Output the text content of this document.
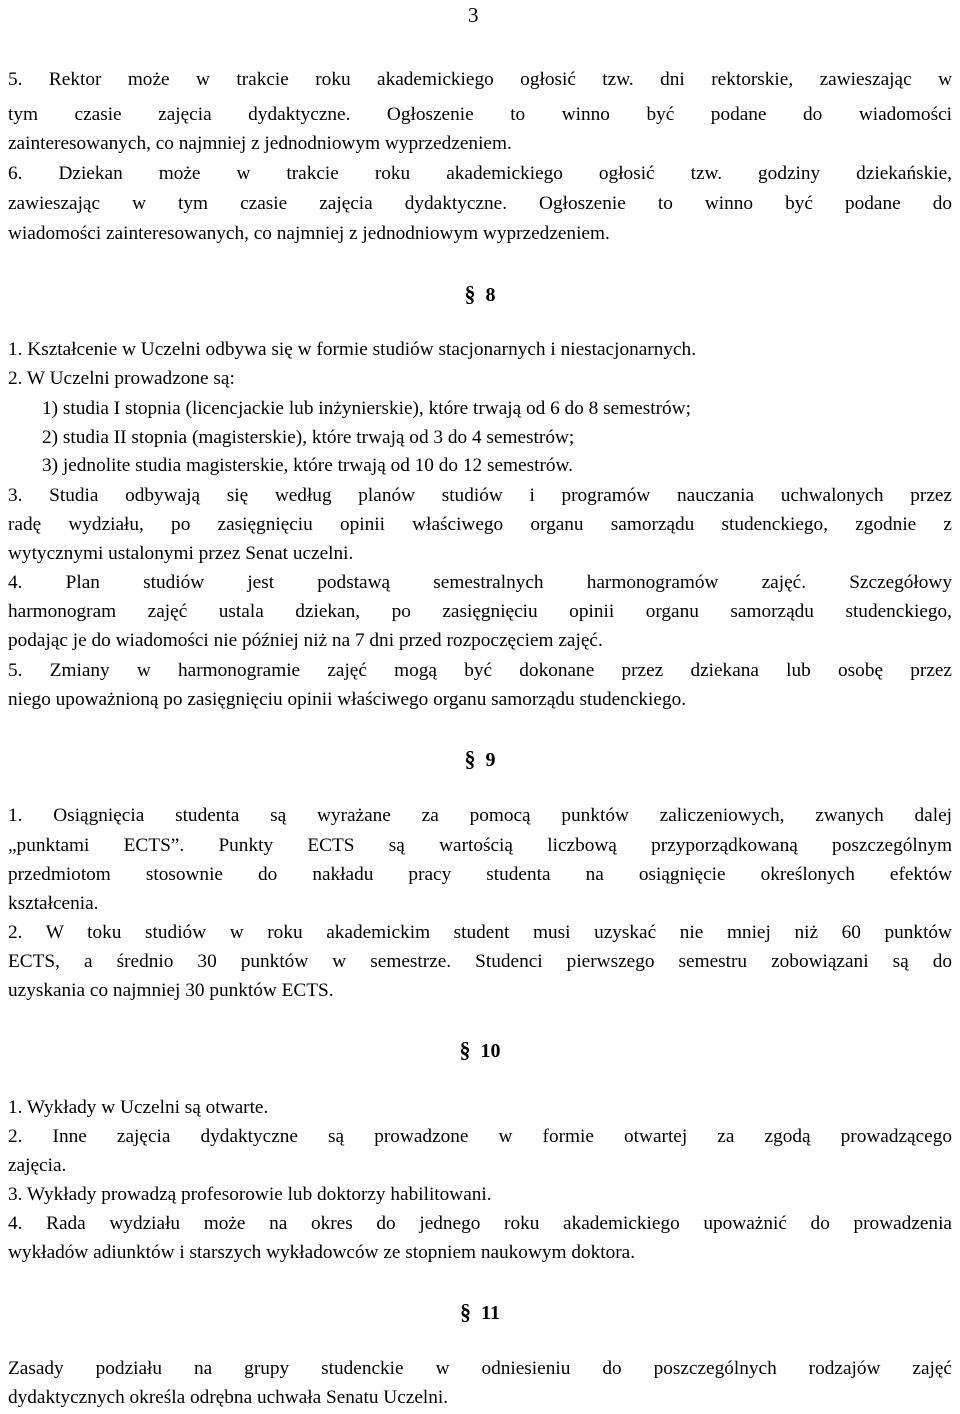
3
5. Rektor może w trakcie roku akademickiego ogłosić tzw. dni rektorskie, zawieszając w
tym czasie zajęcia dydaktyczne. Ogłoszenie to winno być podane do wiadomości
zainteresowanych, co najmniej z jednodniowym wyprzedzeniem.
6. Dziekan może w trakcie roku akademickiego ogłosić tzw. godziny dziekańskie,
zawieszając w tym czasie zajęcia dydaktyczne. Ogłoszenie to winno być podane do
wiadomości zainteresowanych, co najmniej z jednodniowym wyprzedzeniem.
§ 8
1. Kształcenie w Uczelni odbywa się w formie studiów stacjonarnych i niestacjonarnych.
2. W Uczelni prowadzone są:
1) studia I stopnia (licencjackie lub inżynierskie), które trwają od 6 do 8 semestrów;
2) studia II stopnia (magisterskie), które trwają od 3 do 4 semestrów;
3) jednolite studia magisterskie, które trwają od 10 do 12 semestrów.
3. Studia odbywają się według planów studiów i programów nauczania uchwalonych przez
radę wydziału, po zasięgnięciu opinii właściwego organu samorządu studenckiego, zgodnie z
wytycznymi ustalonymi przez Senat uczelni.
4. Plan studiów jest podstawą semestralnych harmonogramów zajęć. Szczegółowy
harmonogram zajęć ustala dziekan, po zasięgnięciu opinii organu samorządu studenckiego,
podając je do wiadomości nie później niż na 7 dni przed rozpoczęciem zajęć.
5. Zmiany w harmonogramie zajęć mogą być dokonane przez dziekana lub osobę przez
niego upoważnioną po zasięgnięciu opinii właściwego organu samorządu studenckiego.
§ 9
1. Osiągnięcia studenta są wyrażane za pomocą punktów zaliczeniowych, zwanych dalej
„punktami ECTS”. Punkty ECTS są wartością liczbową przyporządkowaną poszczególnym
przedmiotom stosownie do nakładu pracy studenta na osiągnięcie określonych efektów
kształcenia.
2. W toku studiów w roku akademickim student musi uzyskać nie mniej niż 60 punktów
ECTS, a średnio 30 punktów w semestrze. Studenci pierwszego semestru zobowiązani są do
uzyskania co najmniej 30 punktów ECTS.
§ 10
1. Wykłady w Uczelni są otwarte.
2. Inne zajęcia dydaktyczne są prowadzone w formie otwartej za zgodą prowadzącego
zajęcia.
3. Wykłady prowadzą profesorowie lub doktorzy habilitowani.
4. Rada wydziału może na okres do jednego roku akademickiego upoważnić do prowadzenia
wykładów adiunktów i starszych wykładowców ze stopniem naukowym doktora.
§ 11
Zasady podziału na grupy studenckie w odniesieniu do poszczególnych rodzajów zajęć
dydaktycznych określa odrębna uchwała Senatu Uczelni.
